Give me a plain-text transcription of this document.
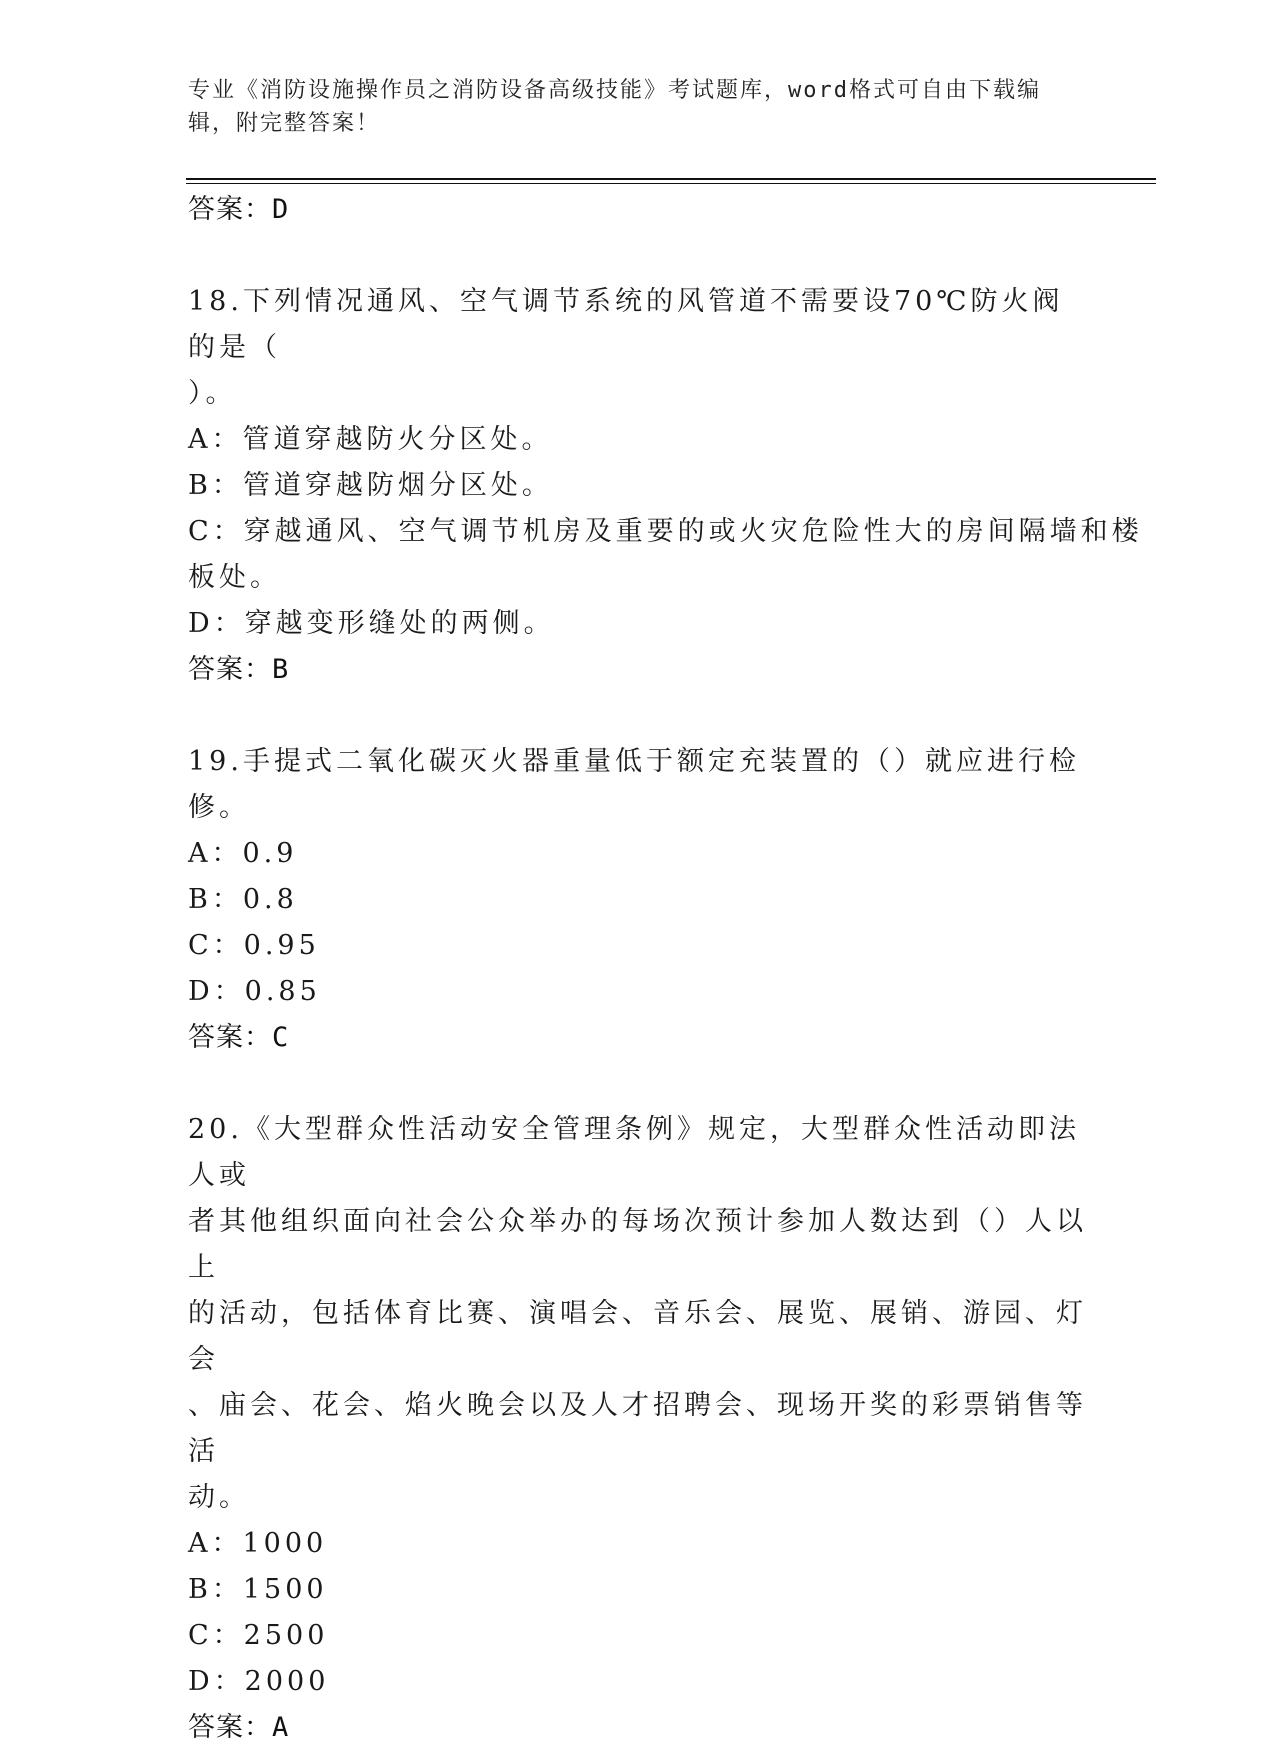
专业《消防设施操作员之消防设备高级技能》考试题库，word格式可自由下载编
辑，附完整答案！
答案：D
18.下列情况通风、空气调节系统的风管道不需要设70℃防火阀的是（
）。
A：管道穿越防火分区处。
B：管道穿越防烟分区处。
C：穿越通风、空气调节机房及重要的或火灾危险性大的房间隔墙和楼
板处。
D：穿越变形缝处的两侧。
答案：B
19.手提式二氧化碳灭火器重量低于额定充装置的（）就应进行检修。
A：0.9
B：0.8
C：0.95
D：0.85
答案：C
20.《大型群众性活动安全管理条例》规定，大型群众性活动即法人或
者其他组织面向社会公众举办的每场次预计参加人数达到（）人以上
的活动，包括体育比赛、演唱会、音乐会、展览、展销、游园、灯会
、庙会、花会、焰火晚会以及人才招聘会、现场开奖的彩票销售等活
动。
A：1000
B：1500
C：2500
D：2000
答案：A
